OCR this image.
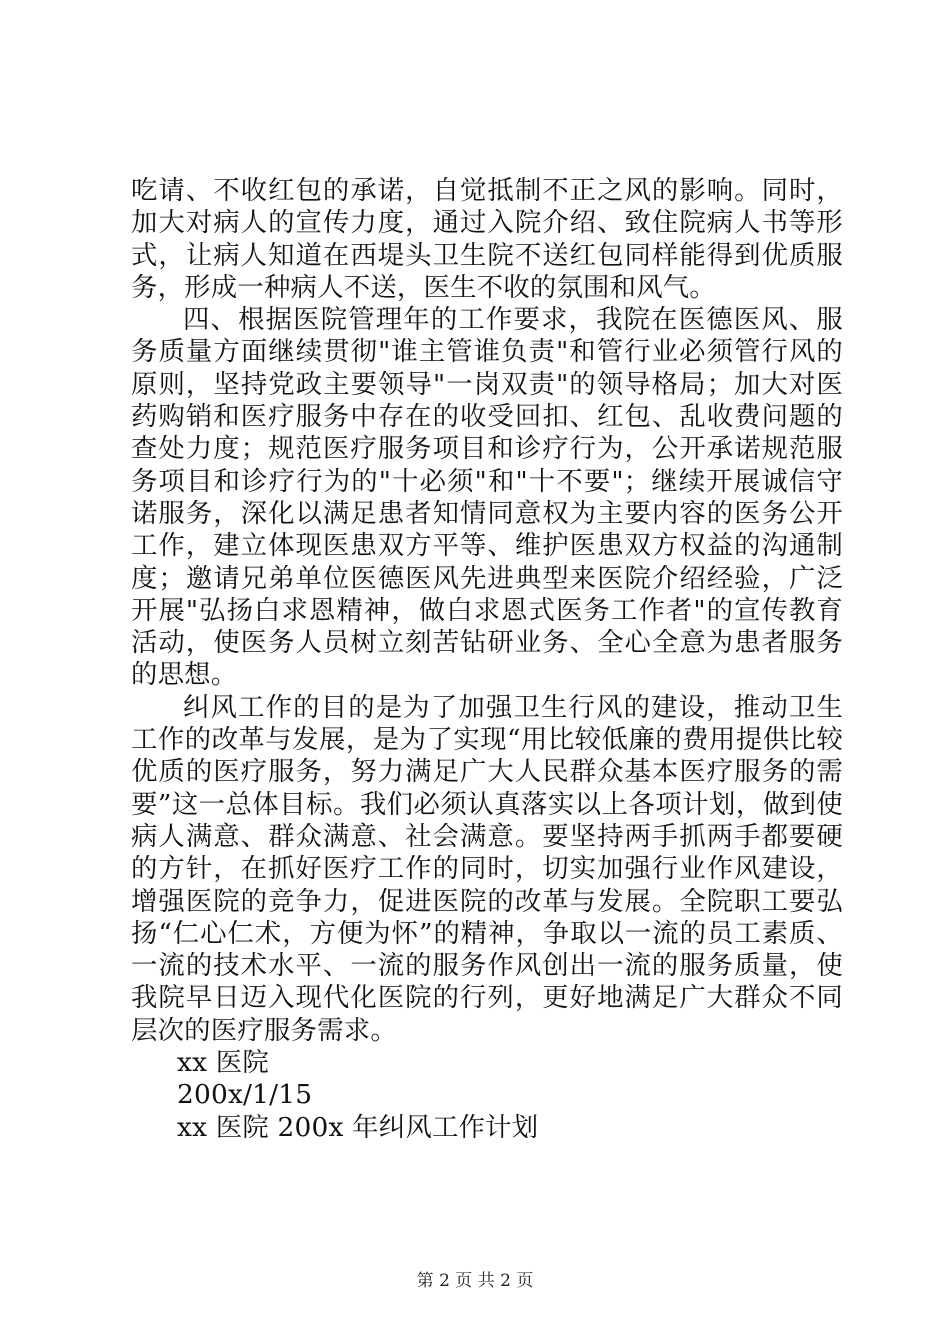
吃请、不收红包的承诺，自觉抵制不正之风的影响。同时，加大对病人的宣传力度，通过入院介绍、致住院病人书等形式，让病人知道在西堤头卫生院不送红包同样能得到优质服务，形成一种病人不送，医生不收的氛围和风气。

四、根据医院管理年的工作要求，我院在医德医风、服务质量方面继续贯彻"谁主管谁负责"和管行业必须管行风的原则，坚持党政主要领导"一岗双责"的领导格局；加大对医药购销和医疗服务中存在的收受回扣、红包、乱收费问题的查处力度；规范医疗服务项目和诊疗行为，公开承诺规范服务项目和诊疗行为的"十必须"和"十不要"；继续开展诚信守诺服务，深化以满足患者知情同意权为主要内容的医务公开工作，建立体现医患双方平等、维护医患双方权益的沟通制度；邀请兄弟单位医德医风先进典型来医院介绍经验，广泛开展"弘扬白求恩精神，做白求恩式医务工作者"的宣传教育活动，使医务人员树立刻苦钻研业务、全心全意为患者服务的思想。

纠风工作的目的是为了加强卫生行风的建设，推动卫生工作的改革与发展，是为了实现“用比较低廉的费用提供比较优质的医疗服务，努力满足广大人民群众基本医疗服务的需要”这一总体目标。我们必须认真落实以上各项计划，做到使病人满意、群众满意、社会满意。要坚持两手抓两手都要硬的方针，在抓好医疗工作的同时，切实加强行业作风建设，增强医院的竞争力，促进医院的改革与发展。全院职工要弘扬“仁心仁术，方便为怀”的精神，争取以一流的员工素质、一流的技术水平、一流的服务作风创出一流的服务质量，使我院早日迈入现代化医院的行列，更好地满足广大群众不同层次的医疗服务需求。

xx 医院

200x/1/15

xx 医院 200x 年纠风工作计划

第 2 页 共 2 页
